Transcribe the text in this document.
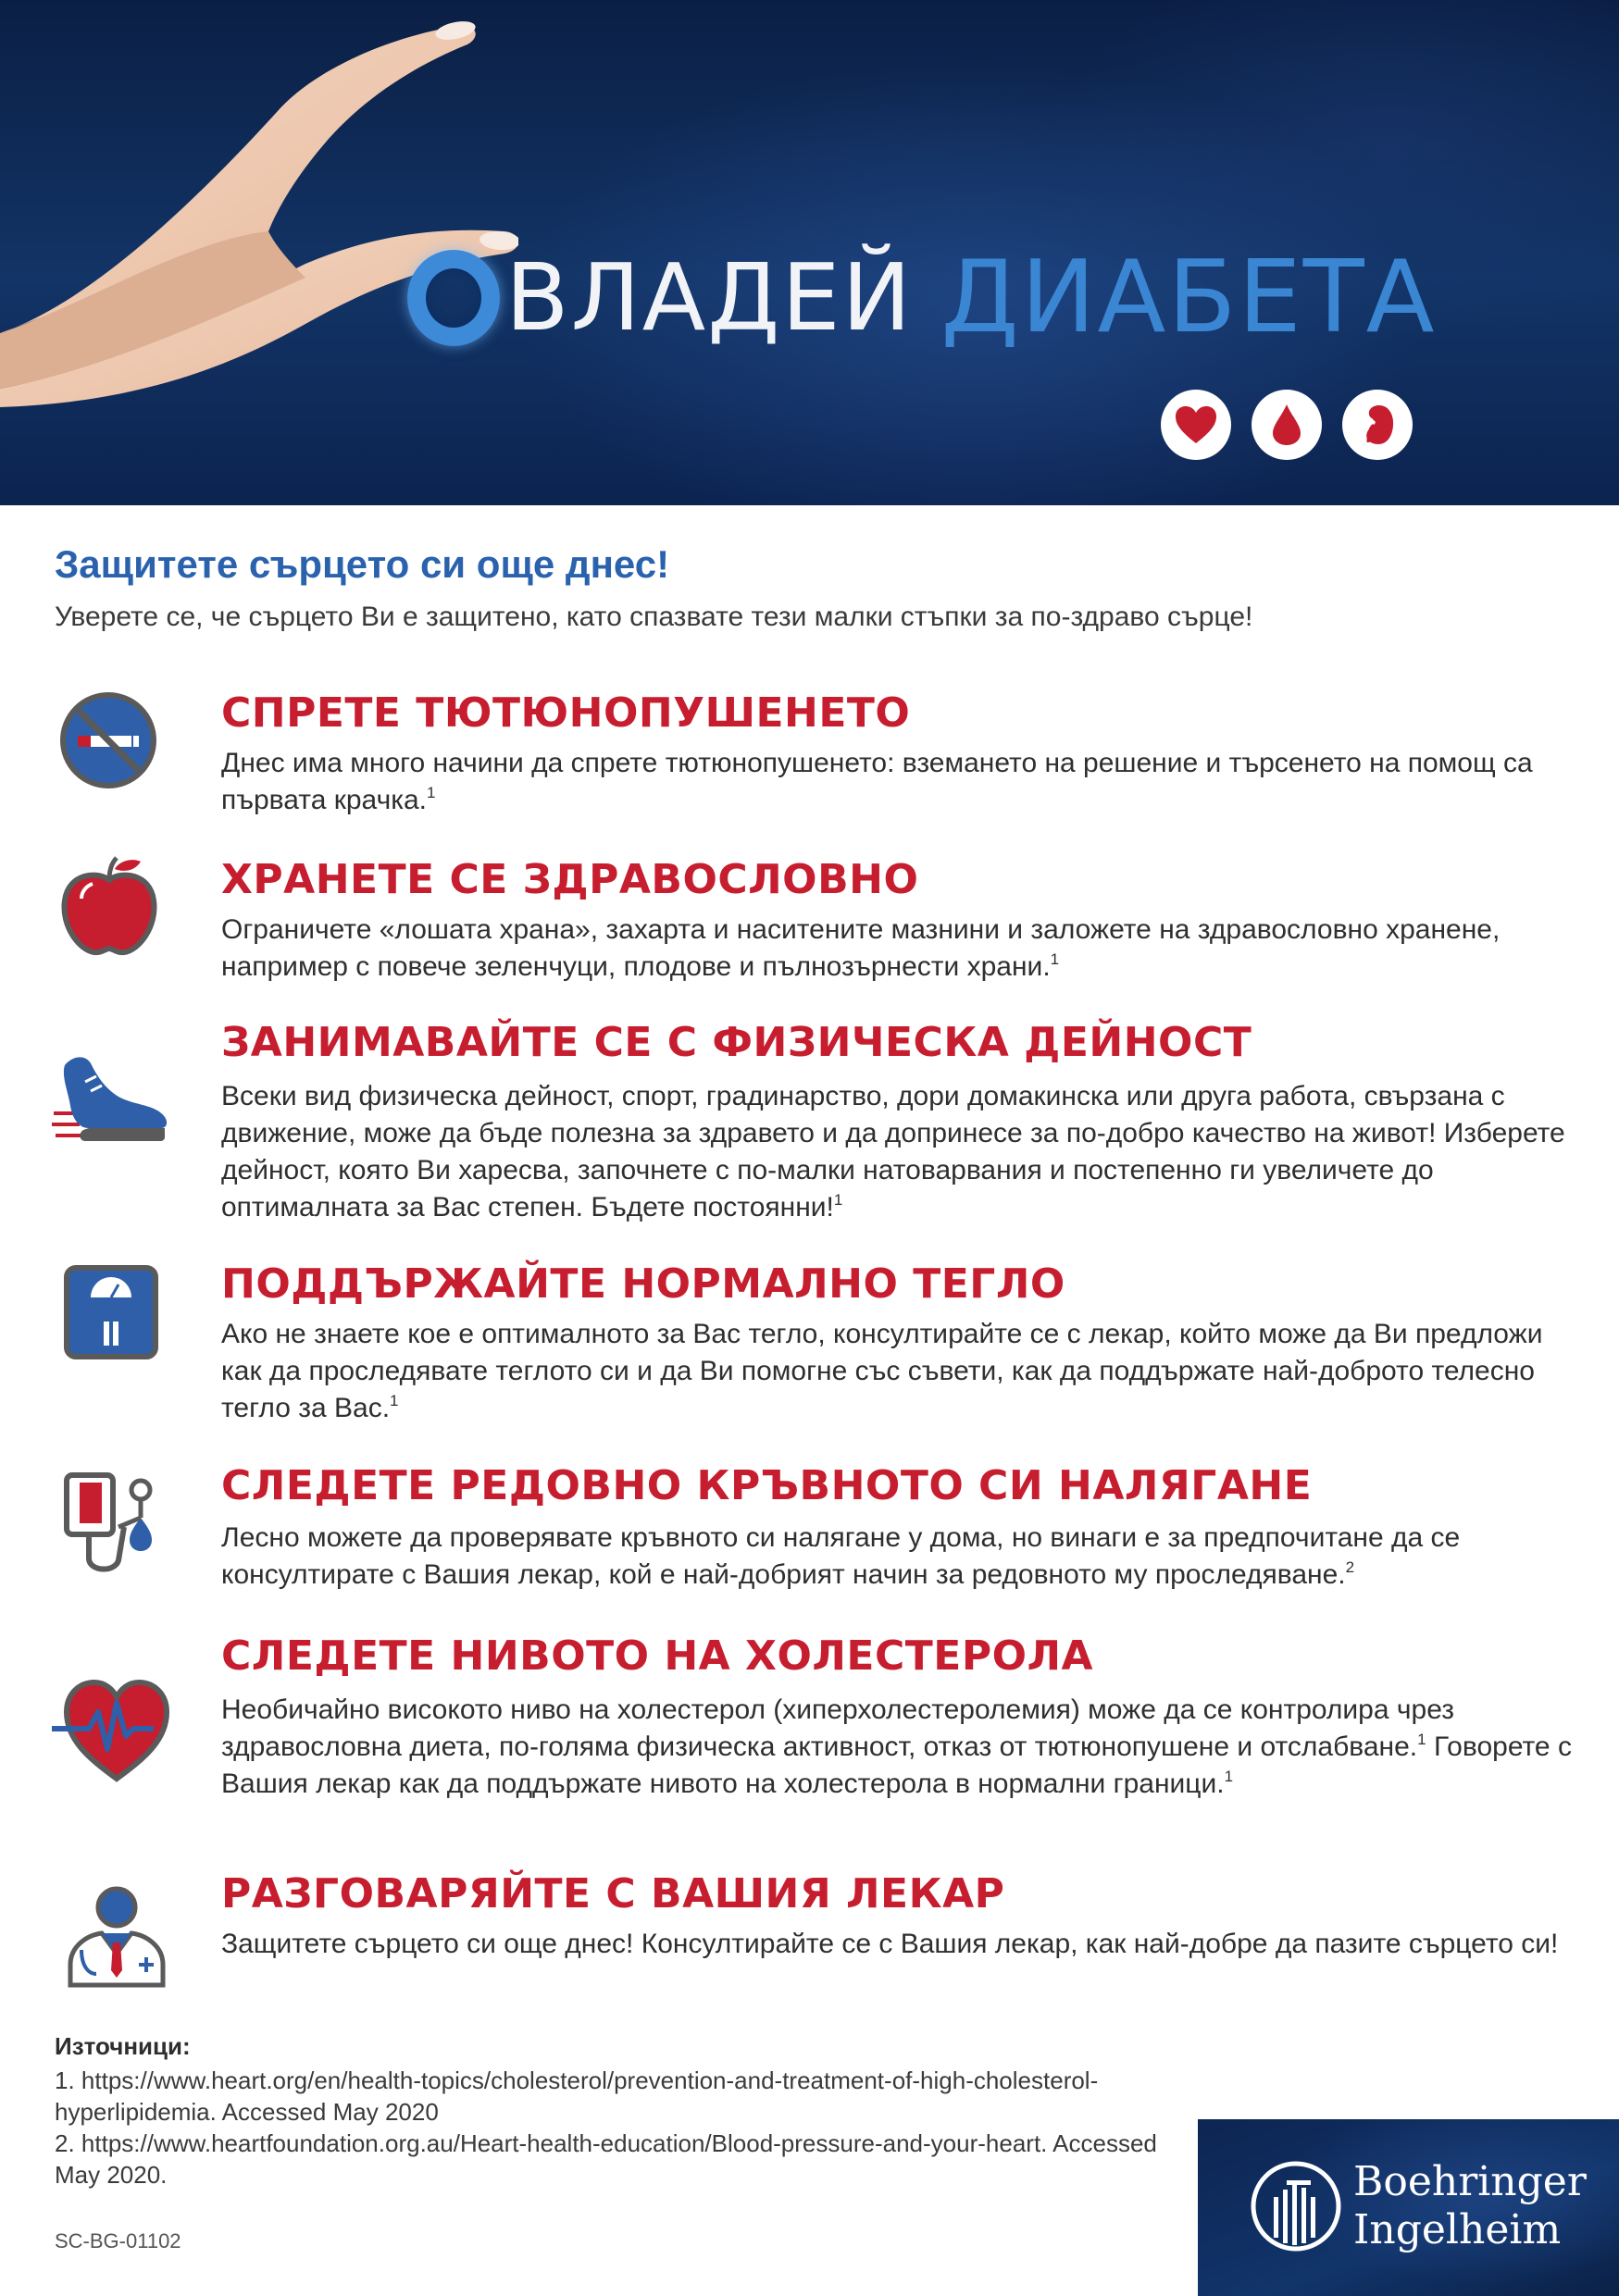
ВЛАДЕЙ ДИАБЕТА
Защитете сърцето си още днес!

Уверете се, че сърцето Ви е защитено, като спазвате тези малки стъпки за по-здраво сърце!

СПРЕТЕ ТЮТЮНОПУШЕНЕТО

Днес има много начини да спрете тютюнопушенето: вземането на решение и търсенето на помощ са първата крачка.$^1$

ХРАНЕТЕ СЕ ЗДРАВОСЛОВНО

Ограничете «лошата храна», захарта и наситените мазнини и заложете на здравословно хранене, например с повече зеленчуци, плодове и пълнозърнести храни.$^1$

ЗАНИМАВАЙТЕ СЕ С ФИЗИЧЕСКА ДЕЙНОСТ

Всеки вид физическа дейност, спорт, градинарство, дори домакинска или друга работа, свързана с движение, може да бъде полезна за здравето и да допринесе за по-добро качество на живот! Изберете дейност, която Ви харесва, започнете с по-малки натоварвания и постепенно ги увеличете до оптималната за Вас степен. Бъдете постоянни!$^1$

ПОДДЪРЖАЙТЕ НОРМАЛНО ТЕГЛО

Ако не знаете кое е оптималното за Вас тегло, консултирайте се с лекар, който може да Ви предложи как да проследявате теглото си и да Ви помогне със съвети, как да поддържате най-доброто телесно тегло за Вас.$^1$

СЛЕДЕТЕ РЕДОВНО КРЪВНОТО СИ НАЛЯГАНЕ

Лесно можете да проверявате кръвното си налягане у дома, но винаги е за предпочитане да се консултирате с Вашия лекар, кой е най-добрият начин за редовното му проследяване.$^2$

СЛЕДЕТЕ НИВОТО НА ХОЛЕСТЕРОЛА

Необичайно високото ниво на холестерол (хиперхолестеролемия) може да се контролира чрез здравословна диета, по-голяма физическа активност, отказ от тютюнопушене и отслабване.$^1$ Говорете с Вашия лекар как да поддържате нивото на холестерола в нормални граници.$^1$

РАЗГОВАРЯЙТЕ С ВАШИЯ ЛЕКАР

Защитете сърцето си още днес! Консултирайте се с Вашия лекар, как най-добре да пазите сърцето си!

Източници:

1. https://www.heart.org/en/health-topics/cholesterol/prevention-and-treatment-of-high-cholesterol-hyperlipidemia. Accessed May 2020

2. https://www.heartfoundation.org.au/Heart-health-education/Blood-pressure-and-your-heart. Accessed May 2020.

SC-BG-01102
Boehringer
Ingelheim
